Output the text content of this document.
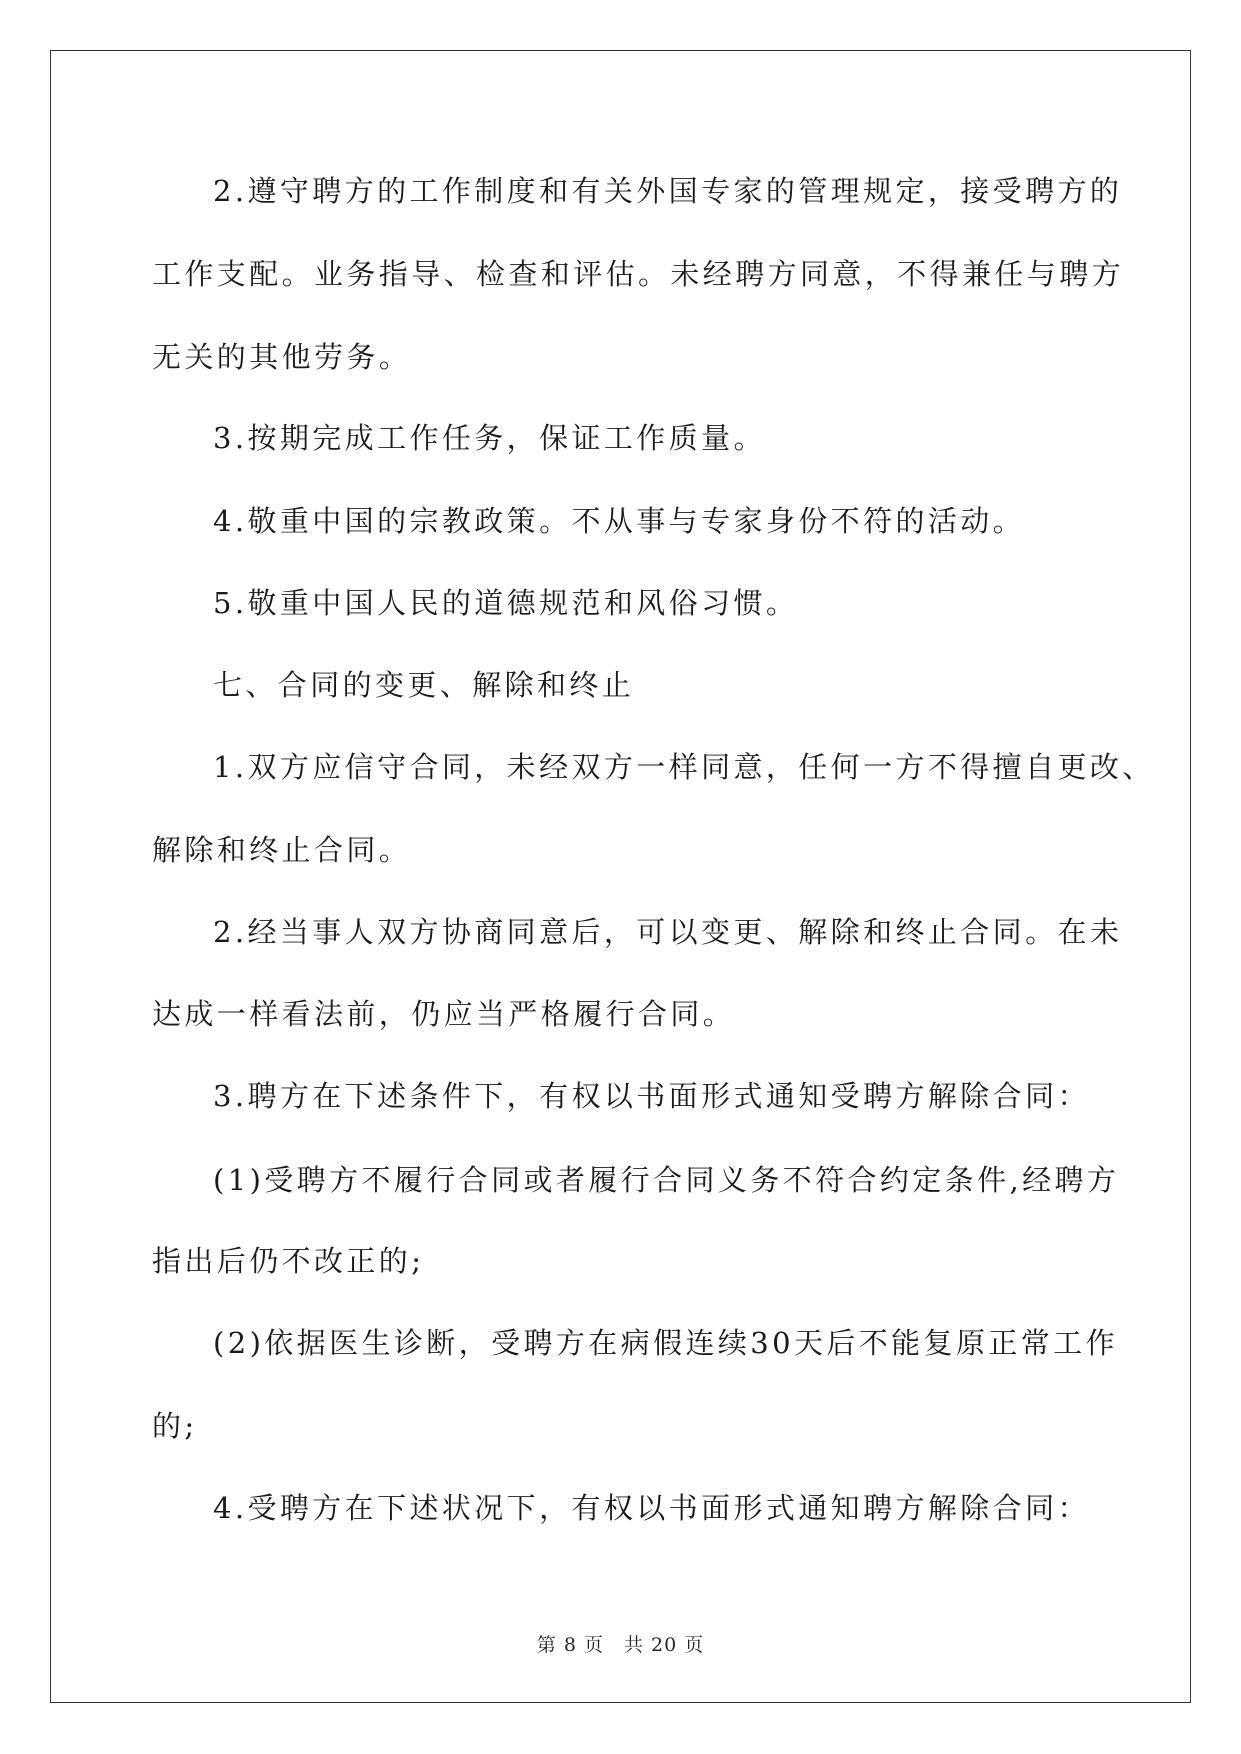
2.遵守聘方的工作制度和有关外国专家的管理规定，接受聘方的
工作支配。业务指导、检查和评估。未经聘方同意，不得兼任与聘方
无关的其他劳务。
3.按期完成工作任务，保证工作质量。
4.敬重中国的宗教政策。不从事与专家身份不符的活动。
5.敬重中国人民的道德规范和风俗习惯。
七、合同的变更、解除和终止
1.双方应信守合同，未经双方一样同意，任何一方不得擅自更改、
解除和终止合同。
2.经当事人双方协商同意后，可以变更、解除和终止合同。在未
达成一样看法前，仍应当严格履行合同。
3.聘方在下述条件下，有权以书面形式通知受聘方解除合同：
(1)受聘方不履行合同或者履行合同义务不符合约定条件,经聘方
指出后仍不改正的;
(2)依据医生诊断，受聘方在病假连续30天后不能复原正常工作
的;
4.受聘方在下述状况下，有权以书面形式通知聘方解除合同：
第 8 页　共 20 页
